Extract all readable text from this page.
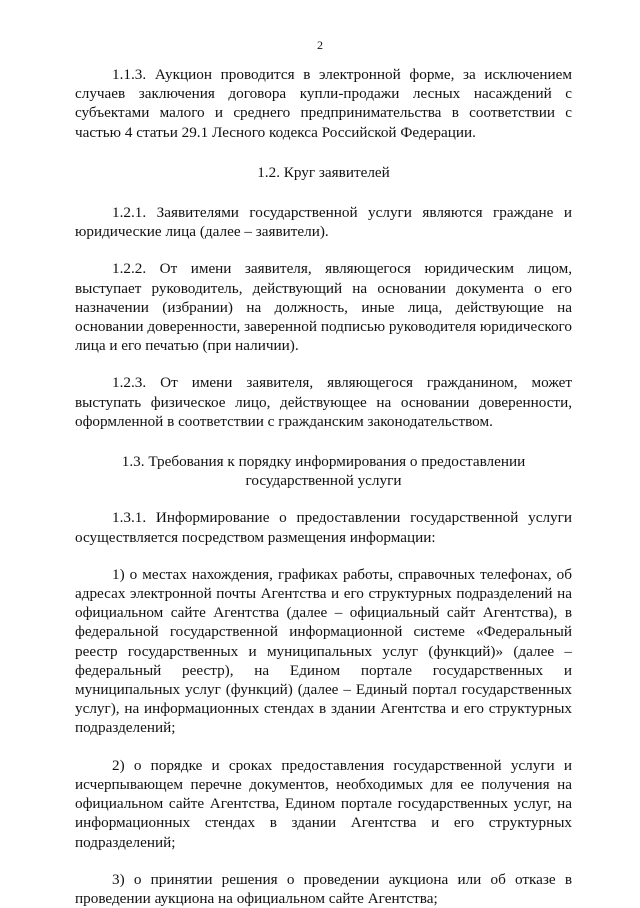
2

1.1.3. Аукцион проводится в электронной форме, за исключением случаев заключения договора купли-продажи лесных насаждений с субъектами малого и среднего предпринимательства в соответствии с частью 4 статьи 29.1 Лесного кодекса Российской Федерации.

1.2. Круг заявителей

1.2.1. Заявителями государственной услуги являются граждане и юридические лица (далее – заявители).

1.2.2. От имени заявителя, являющегося юридическим лицом, выступает руководитель, действующий на основании документа о его назначении (избрании) на должность, иные лица, действующие на основании доверенности, заверенной подписью руководителя юридического лица и его печатью (при наличии).

1.2.3. От имени заявителя, являющегося гражданином, может выступать физическое лицо, действующее на основании доверенности, оформленной в соответствии с гражданским законодательством.

1.3. Требования к порядку информирования о предоставлении
государственной услуги

1.3.1. Информирование о предоставлении государственной услуги осуществляется посредством размещения информации:

1) о местах нахождения, графиках работы, справочных телефонах, об адресах электронной почты Агентства и его структурных подразделений на официальном сайте Агентства (далее – официальный сайт Агентства), в федеральной государственной информационной системе «Федеральный реестр государственных и муниципальных услуг (функций)» (далее – федеральный реестр), на Едином портале государственных и муниципальных услуг (функций) (далее – Единый портал государственных услуг), на информационных стендах в здании Агентства и его структурных подразделений;

2) о порядке и сроках предоставления государственной услуги и исчерпывающем перечне документов, необходимых для ее получения на официальном сайте Агентства, Едином портале государственных услуг, на информационных стендах в здании Агентства и его структурных подразделений;

3) о принятии решения о проведении аукциона или об отказе в проведении аукциона на официальном сайте Агентства;
